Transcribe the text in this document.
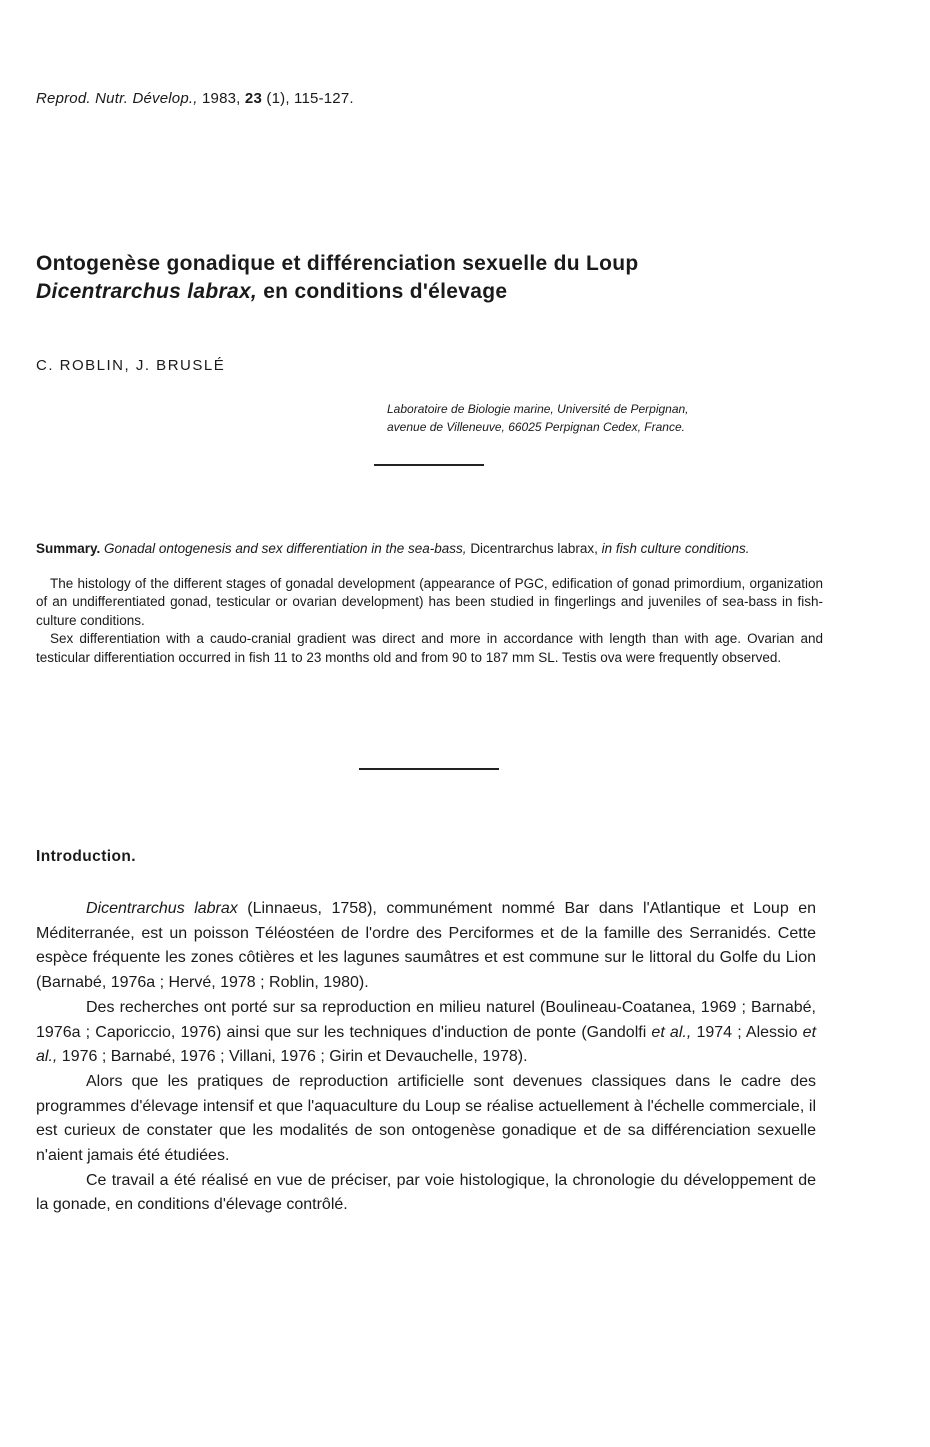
Reprod. Nutr. Dévelop., 1983, 23 (1), 115-127.
Ontogenèse gonadique et différenciation sexuelle du Loup
Dicentrarchus labrax, en conditions d'élevage
C. ROBLIN, J. BRUSLÉ
Laboratoire de Biologie marine, Université de Perpignan,
avenue de Villeneuve, 66025 Perpignan Cedex, France.

Summary. Gonadal ontogenesis and sex differentiation in the sea-bass, Dicentrarchus labrax, in fish culture conditions.

The histology of the different stages of gonadal development (appearance of PGC, edification of gonad primordium, organization of an undifferentiated gonad, testicular or ovarian development) has been studied in fingerlings and juveniles of sea-bass in fish-culture conditions.

Sex differentiation with a caudo-cranial gradient was direct and more in accordance with length than with age. Ovarian and testicular differentiation occurred in fish 11 to 23 months old and from 90 to 187 mm SL. Testis ova were frequently observed.

Introduction.

Dicentrarchus labrax (Linnaeus, 1758), communément nommé Bar dans l'Atlantique et Loup en Méditerranée, est un poisson Téléostéen de l'ordre des Perciformes et de la famille des Serranidés. Cette espèce fréquente les zones côtières et les lagunes saumâtres et est commune sur le littoral du Golfe du Lion (Barnabé, 1976a ; Hervé, 1978 ; Roblin, 1980).

Des recherches ont porté sur sa reproduction en milieu naturel (Boulineau-Coatanea, 1969 ; Barnabé, 1976a ; Caporiccio, 1976) ainsi que sur les techniques d'induction de ponte (Gandolfi et al., 1974 ; Alessio et al., 1976 ; Barnabé, 1976 ; Villani, 1976 ; Girin et Devauchelle, 1978).

Alors que les pratiques de reproduction artificielle sont devenues classiques dans le cadre des programmes d'élevage intensif et que l'aquaculture du Loup se réalise actuellement à l'échelle commerciale, il est curieux de constater que les modalités de son ontogenèse gonadique et de sa différenciation sexuelle n'aient jamais été étudiées.

Ce travail a été réalisé en vue de préciser, par voie histologique, la chronologie du développement de la gonade, en conditions d'élevage contrôlé.
